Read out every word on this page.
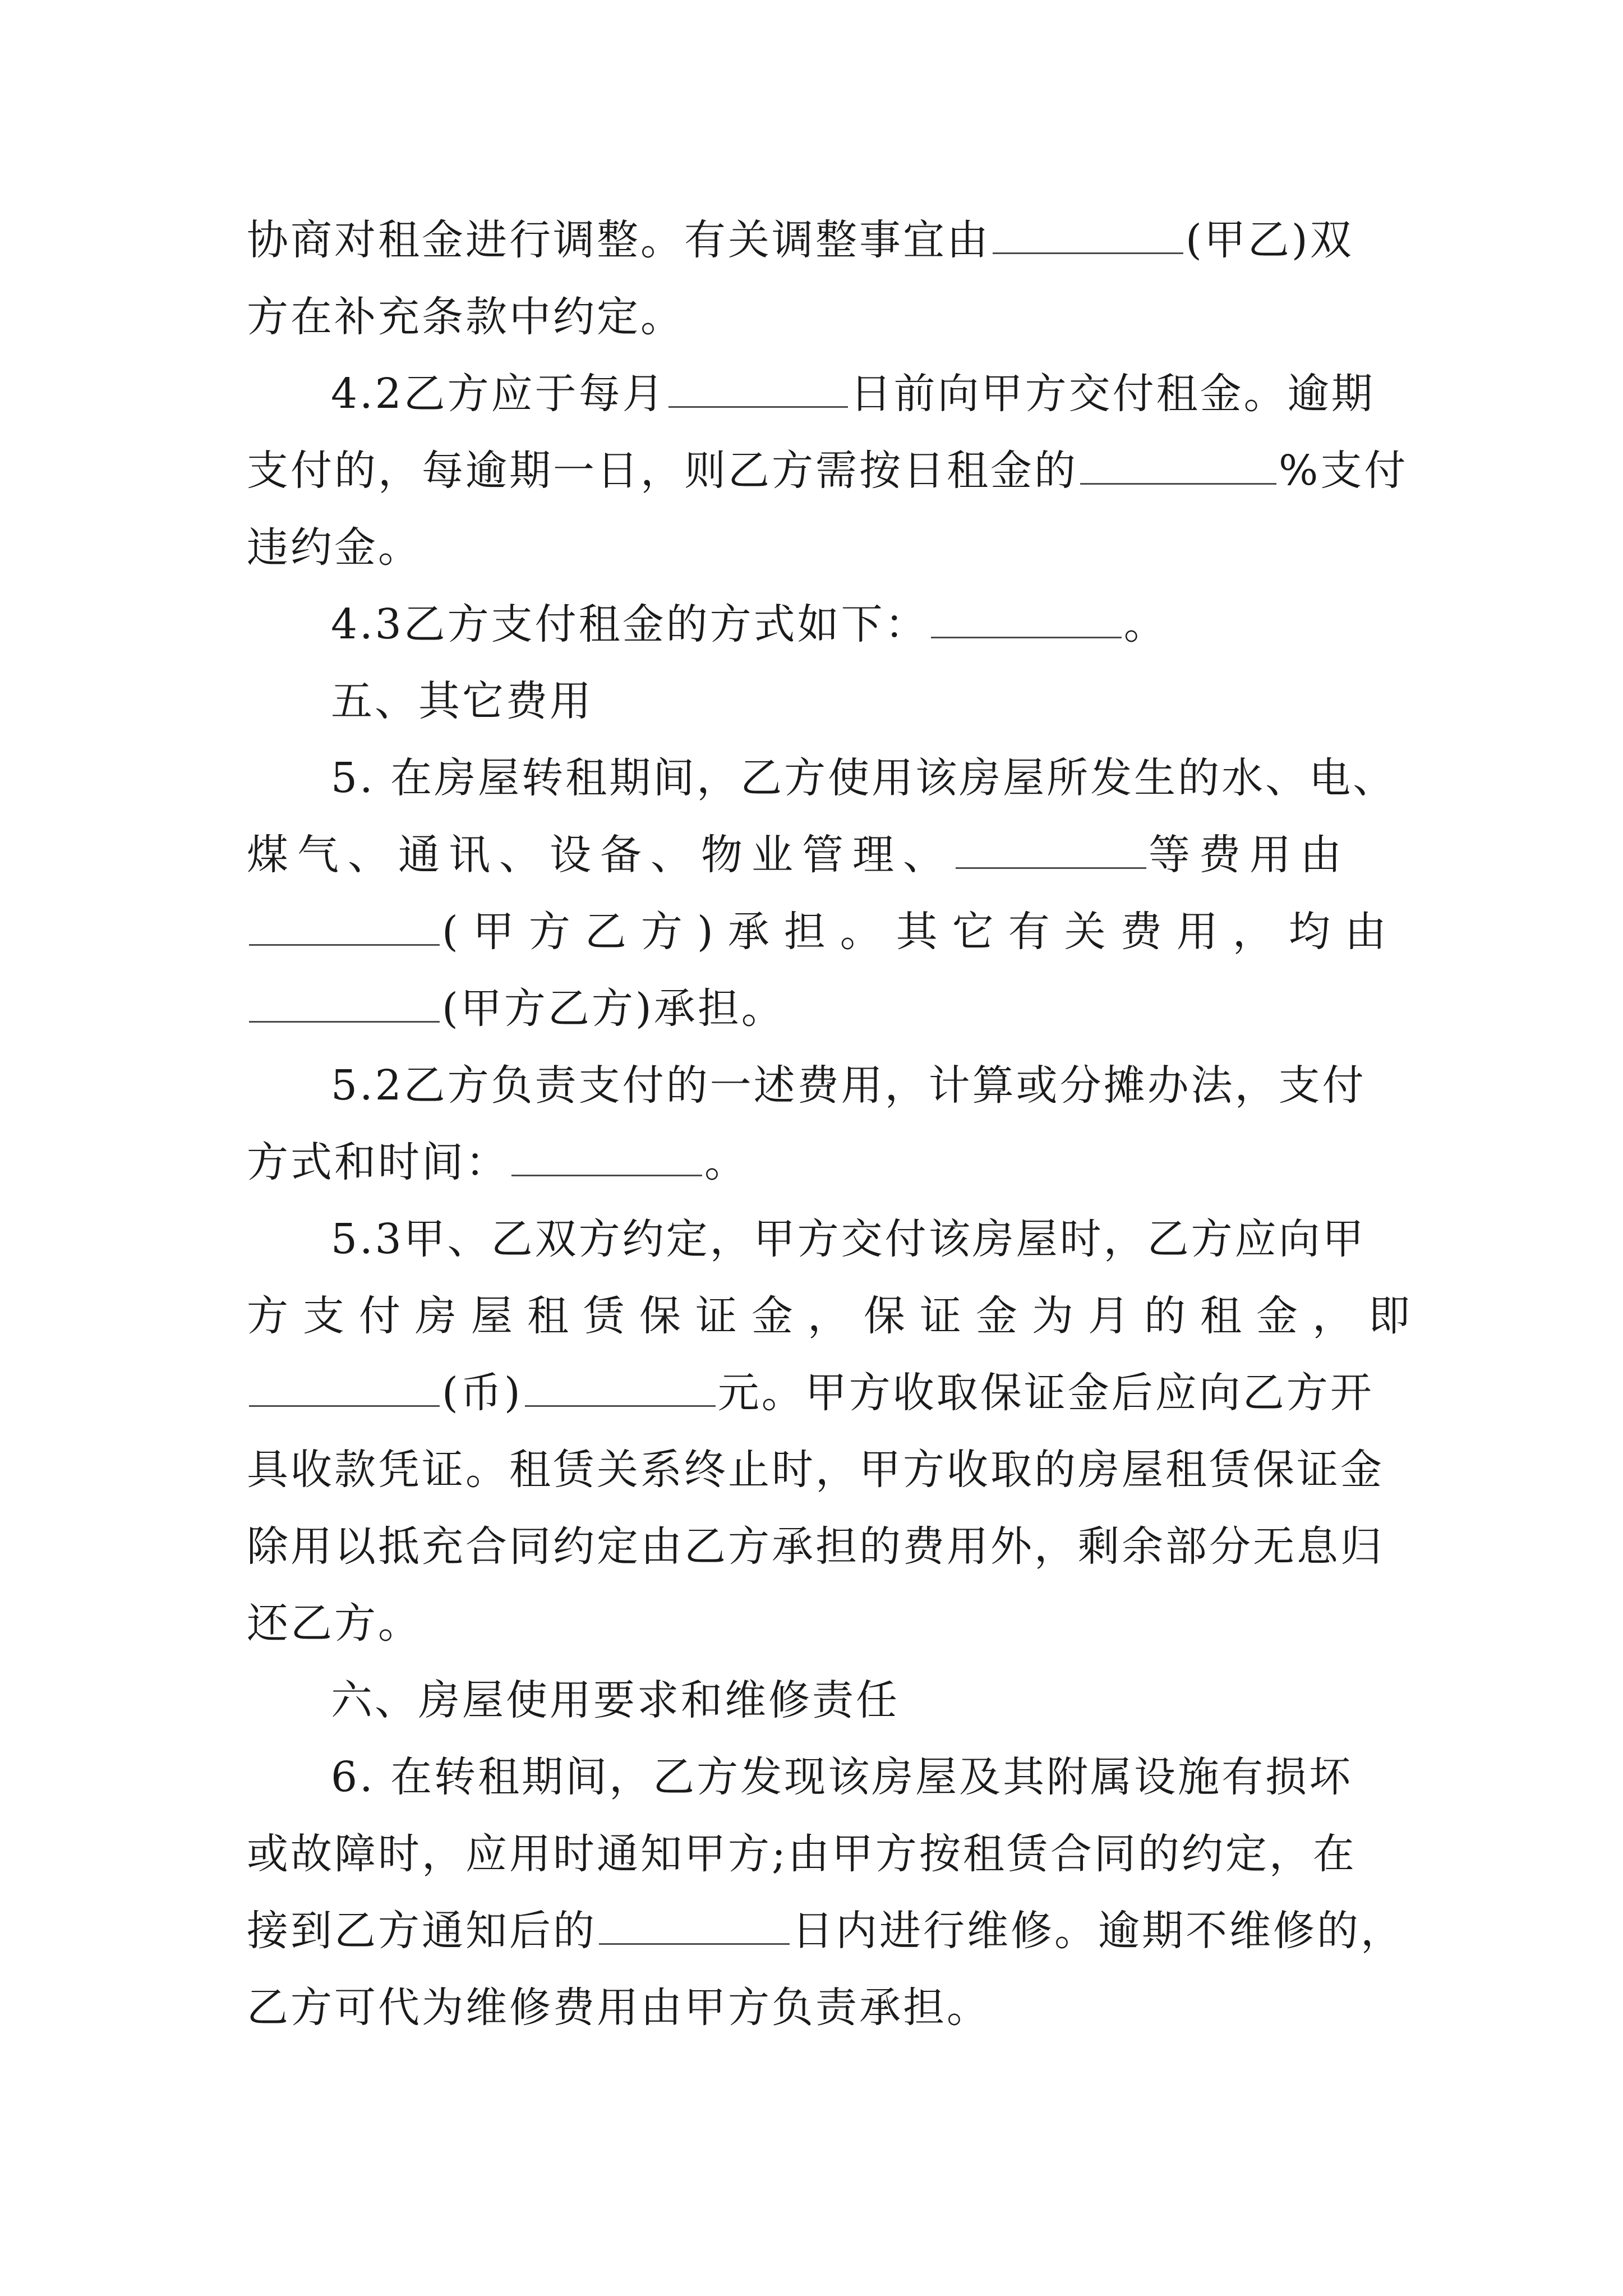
协商对租金进行调整。有关调整事宜由	(甲乙)双
方在补充条款中约定。
4.2乙方应于每月	日前向甲方交付租金。逾期
支付的，每逾期一日，则乙方需按日租金的	%支付
违约金。
4.3乙方支付租金的方式如下：	。
五、其它费用
5. 在房屋转租期间，乙方使用该房屋所发生的水、电、
煤气、通讯、设备、物业管理、	等费用由
(甲方乙方)承担。其它有关费用，均由
(甲方乙方)承担。
5.2乙方负责支付的一述费用，计算或分摊办法，支付
方式和时间：	。
5.3甲、乙双方约定，甲方交付该房屋时，乙方应向甲
方支付房屋租赁保证金，保证金为月的租金，即
(币)	元。甲方收取保证金后应向乙方开
具收款凭证。租赁关系终止时，甲方收取的房屋租赁保证金
除用以抵充合同约定由乙方承担的费用外，剩余部分无息归
还乙方。
六、房屋使用要求和维修责任
6. 在转租期间，乙方发现该房屋及其附属设施有损坏
或故障时，应用时通知甲方;由甲方按租赁合同的约定，在
接到乙方通知后的	日内进行维修。逾期不维修的，
乙方可代为维修费用由甲方负责承担。
